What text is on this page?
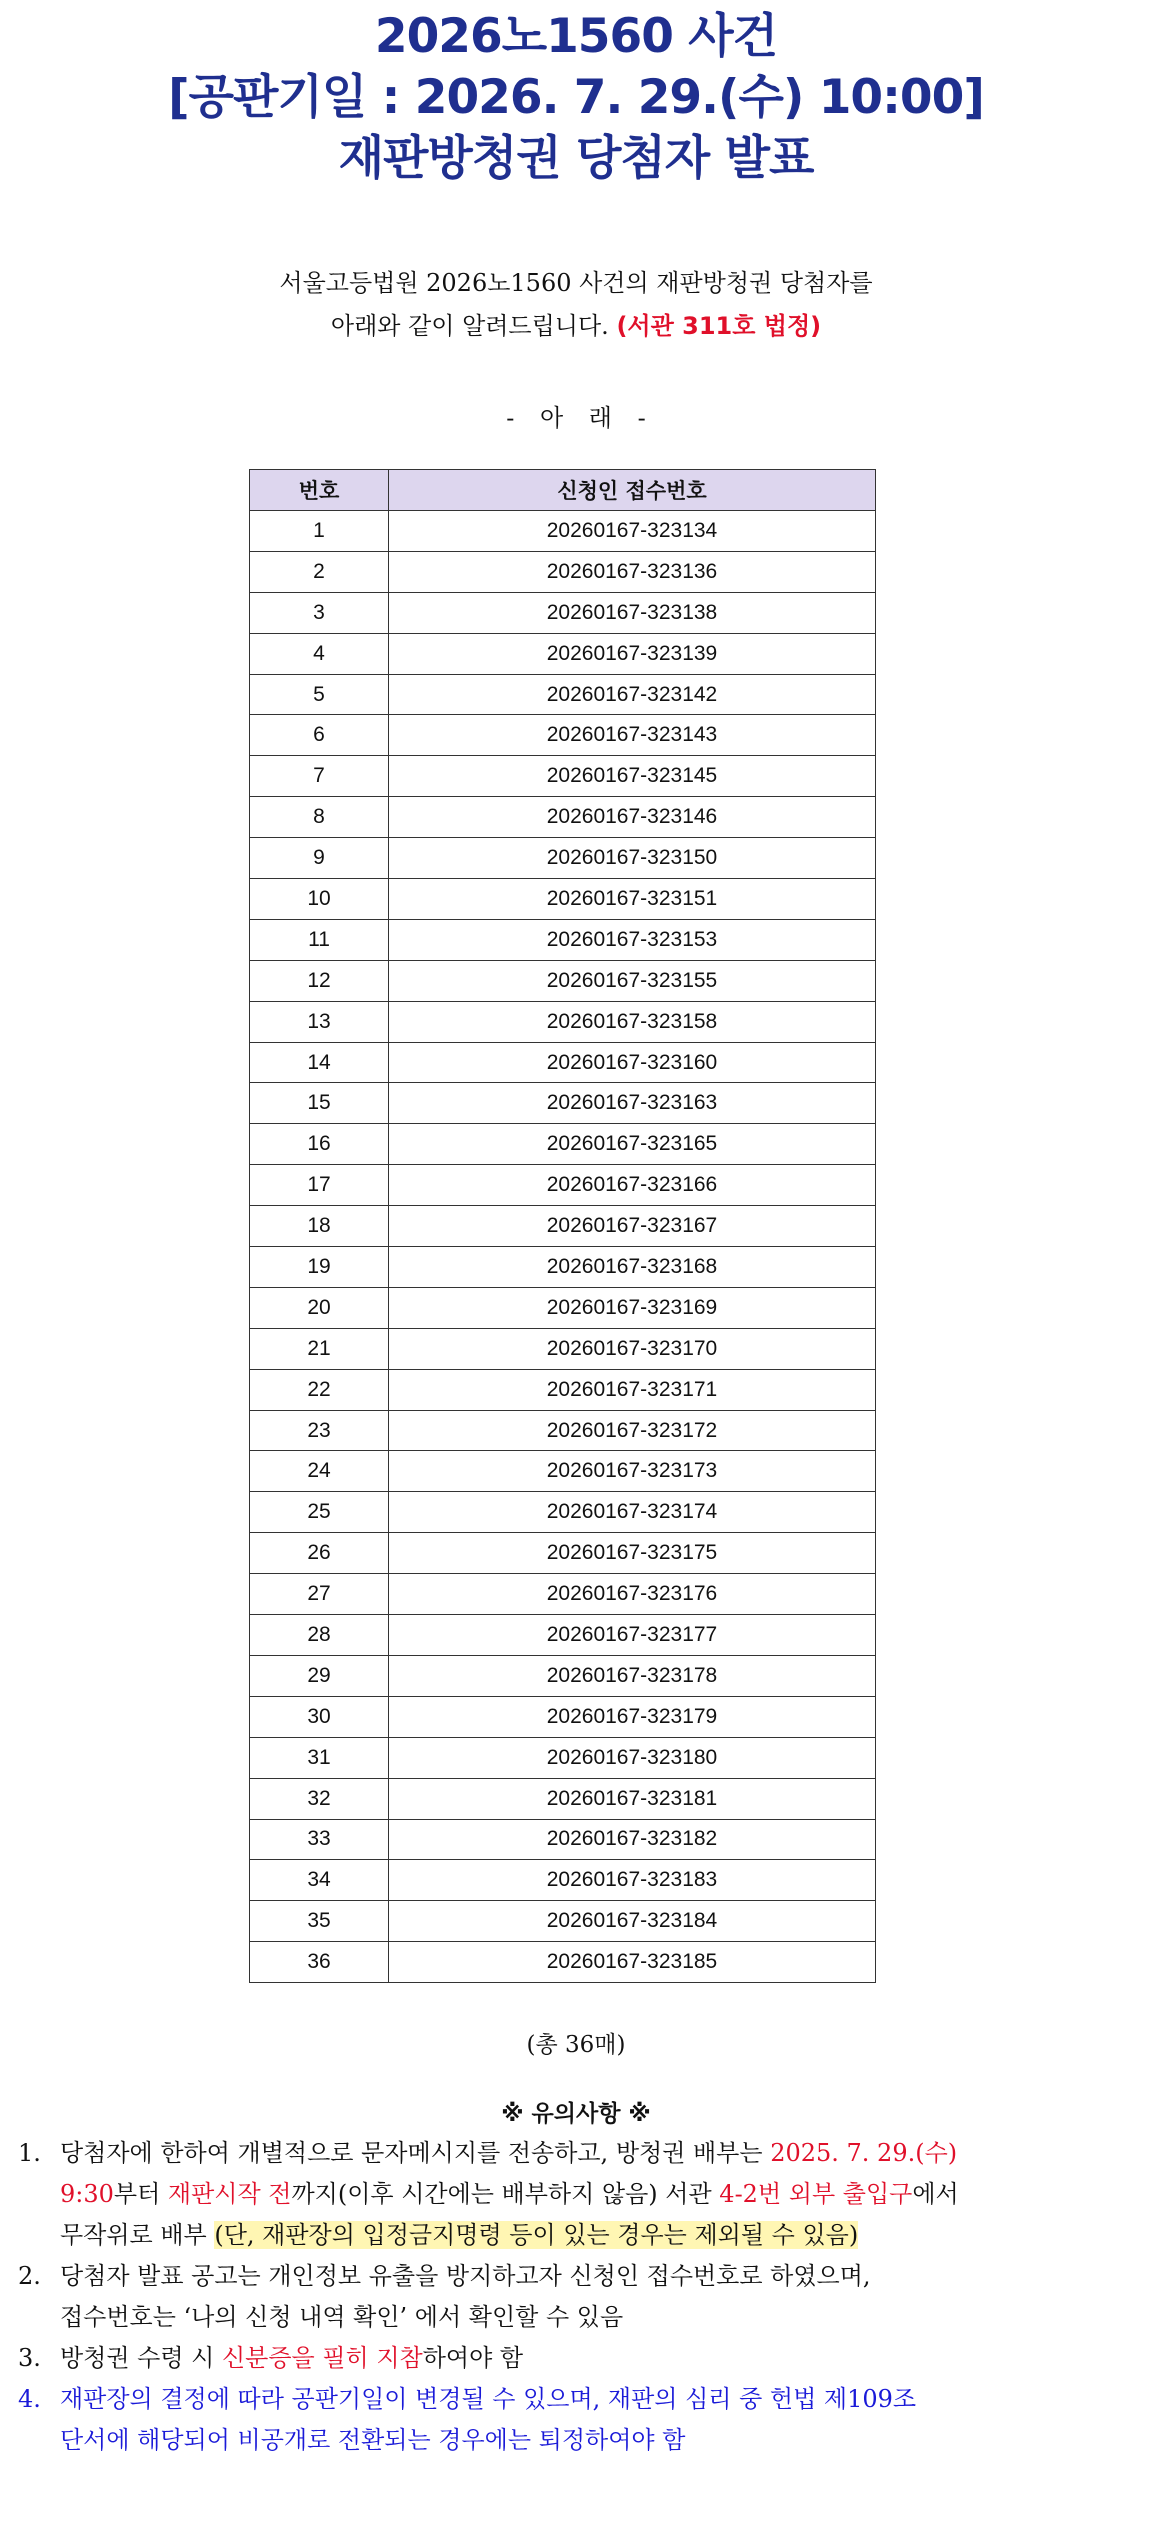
2026노1560 사건
[공판기일 : 2026. 7. 29.(수) 10:00]
재판방청권 당첨자 발표
서울고등법원 2026노1560 사건의 재판방청권 당첨자를
아래와 같이 알려드립니다. (서관 311호 법정)
- 아 래 -
번호	신청인 접수번호
1	20260167-323134
2	20260167-323136
3	20260167-323138
4	20260167-323139
5	20260167-323142
6	20260167-323143
7	20260167-323145
8	20260167-323146
9	20260167-323150
10	20260167-323151
11	20260167-323153
12	20260167-323155
13	20260167-323158
14	20260167-323160
15	20260167-323163
16	20260167-323165
17	20260167-323166
18	20260167-323167
19	20260167-323168
20	20260167-323169
21	20260167-323170
22	20260167-323171
23	20260167-323172
24	20260167-323173
25	20260167-323174
26	20260167-323175
27	20260167-323176
28	20260167-323177
29	20260167-323178
30	20260167-323179
31	20260167-323180
32	20260167-323181
33	20260167-323182
34	20260167-323183
35	20260167-323184
36	20260167-323185
(총 36매)
※ 유의사항 ※
1. 당첨자에 한하여 개별적으로 문자메시지를 전송하고, 방청권 배부는 2025. 7. 29.(수)
9:30부터 재판시작 전까지(이후 시간에는 배부하지 않음) 서관 4-2번 외부 출입구에서
무작위로 배부 (단, 재판장의 입정금지명령 등이 있는 경우는 제외될 수 있음)
2. 당첨자 발표 공고는 개인정보 유출을 방지하고자 신청인 접수번호로 하였으며,
접수번호는 ‘나의 신청 내역 확인’ 에서 확인할 수 있음
3. 방청권 수령 시 신분증을 필히 지참하여야 함
4. 재판장의 결정에 따라 공판기일이 변경될 수 있으며, 재판의 심리 중 헌법 제109조
단서에 해당되어 비공개로 전환되는 경우에는 퇴정하여야 함
